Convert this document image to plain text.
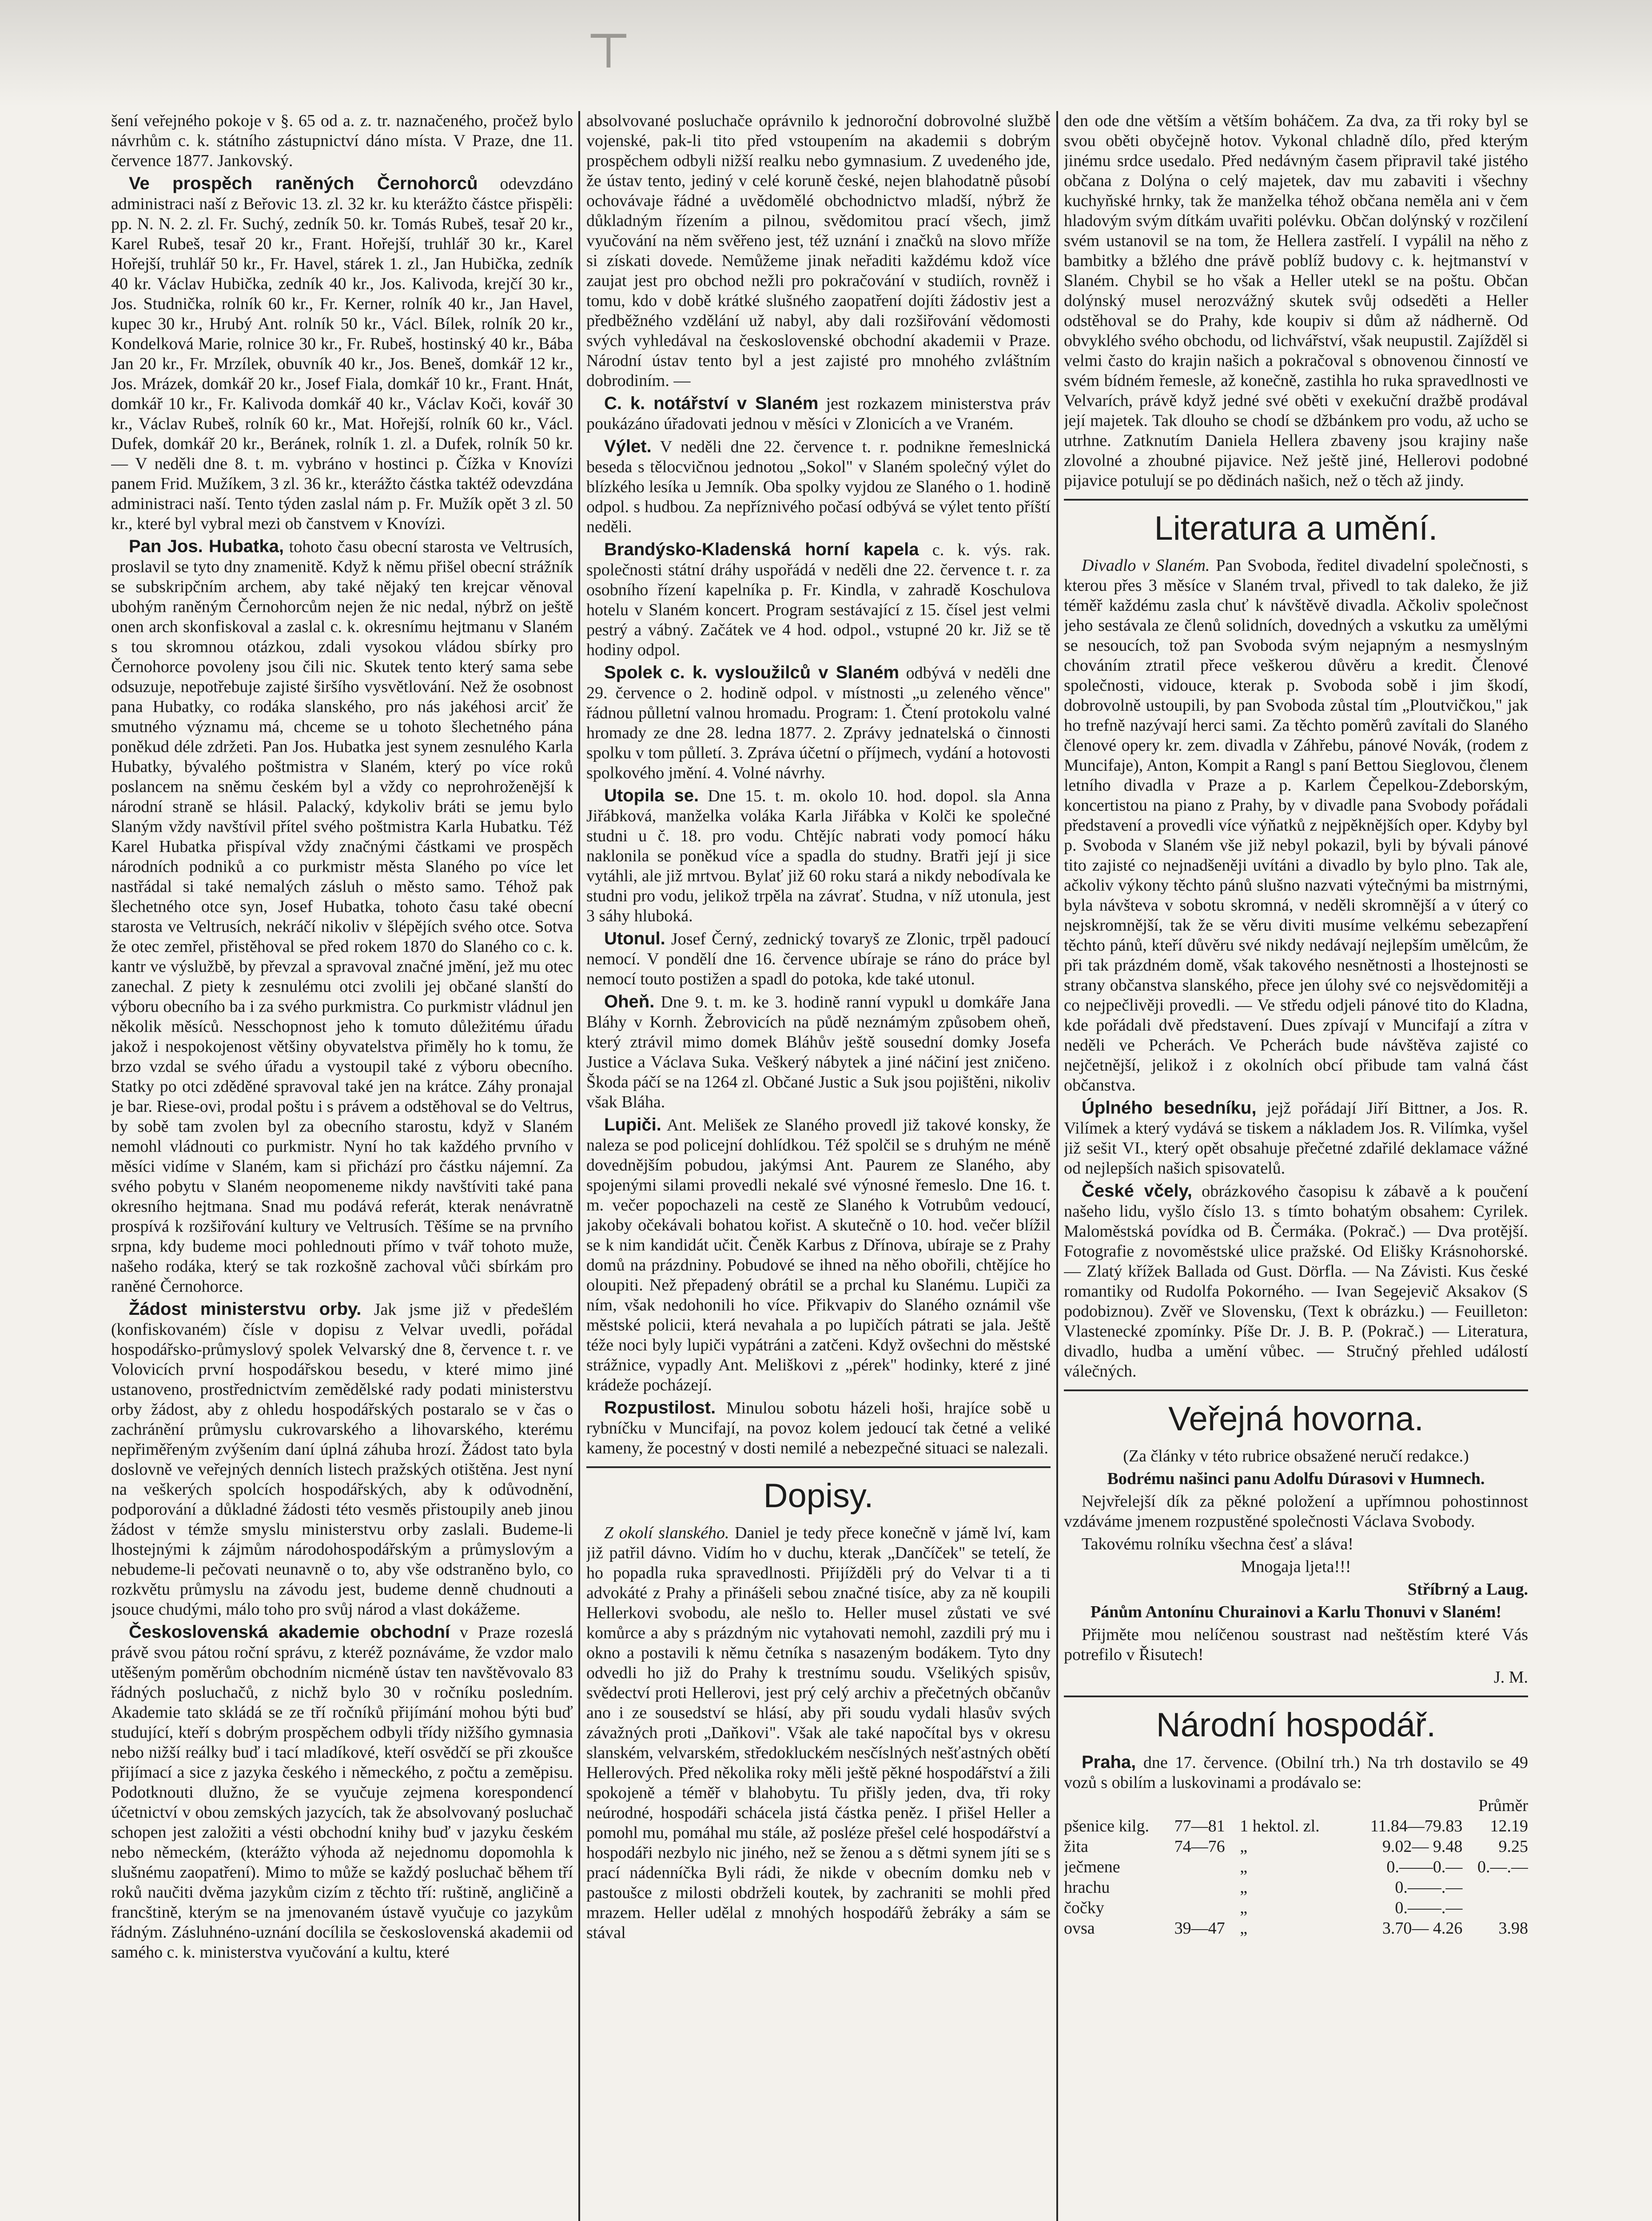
⊤

šení veřejného pokoje v §. 65 od a. z. tr. naznačeného, pročež bylo návrhům c. k. státního zástupnictví dáno místa. V Praze, dne 11. července 1877. Jankovský.

Ve prospěch raněných Černohorců odevzdáno administraci naší z Beřovic 13. zl. 32 kr. ku kterážto částce přispěli: pp. N. N. 2. zl. Fr. Suchý, zedník 50. kr. Tomás Rubeš, tesař 20 kr., Karel Rubeš, tesař 20 kr., Frant. Hořejší, truhlář 30 kr., Karel Hořejší, truhlář 50 kr., Fr. Havel, stárek 1. zl., Jan Hubička, zedník 40 kr. Václav Hubička, zedník 40 kr., Jos. Kalivoda, krejčí 30 kr., Jos. Studnička, rolník 60 kr., Fr. Kerner, rolník 40 kr., Jan Havel, kupec 30 kr., Hrubý Ant. rolník 50 kr., Václ. Bílek, rolník 20 kr., Kondelková Marie, rolnice 30 kr., Fr. Rubeš, hostinský 40 kr., Bába Jan 20 kr., Fr. Mrzílek, obuvník 40 kr., Jos. Beneš, domkář 12 kr., Jos. Mrázek, domkář 20 kr., Josef Fiala, domkář 10 kr., Frant. Hnát, domkář 10 kr., Fr. Kalivoda domkář 40 kr., Václav Koči, kovář 30 kr., Václav Rubeš, rolník 60 kr., Mat. Hořejší, rolník 60 kr., Václ. Dufek, domkář 20 kr., Beránek, rolník 1. zl. a Dufek, rolník 50 kr. — V neděli dne 8. t. m. vybráno v hostinci p. Čížka v Knovízi panem Frid. Mužíkem, 3 zl. 36 kr., kterážto částka taktéž odevzdána administraci naší. Tento týden zaslal nám p. Fr. Mužík opět 3 zl. 50 kr., které byl vybral mezi ob čanstvem v Knovízi.

Pan Jos. Hubatka, tohoto času obecní starosta ve Veltrusích, proslavil se tyto dny znamenitě. Když k němu přišel obecní strážník se subskripčním archem, aby také nějaký ten krejcar věnoval ubohým raněným Černohorcům nejen že nic nedal, nýbrž on ještě onen arch skonfiskoval a zaslal c. k. okresnímu hejtmanu v Slaném s tou skromnou otázkou, zdali vysokou vládou sbírky pro Černohorce povoleny jsou čili nic. Skutek tento který sama sebe odsuzuje, nepotřebuje zajisté širšího vysvětlování. Než že osobnost pana Hubatky, co rodáka slanského, pro nás jakéhosi arciť že smutného významu má, chceme se u tohoto šlechetného pána poněkud déle zdržeti. Pan Jos. Hubatka jest synem zesnulého Karla Hubatky, bývalého poštmistra v Slaném, který po více roků poslancem na sněmu českém byl a vždy co neprohroženější k národní straně se hlásil. Palacký, kdykoliv bráti se jemu bylo Slaným vždy navštívil přítel svého poštmistra Karla Hubatku. Též Karel Hubatka přispíval vždy značnými částkami ve prospěch národních podniků a co purkmistr města Slaného po více let nastřádal si také nemalých zásluh o město samo. Téhož pak šlechetného otce syn, Josef Hubatka, tohoto času také obecní starosta ve Veltrusích, nekráčí nikoliv v šlépějích svého otce. Sotva že otec zemřel, přistěhoval se před rokem 1870 do Slaného co c. k. kantr ve výslužbě, by převzal a spravoval značné jmění, jež mu otec zanechal. Z piety k zesnulému otci zvolili jej občané slanští do výboru obecního ba i za svého purkmistra. Co purkmistr vládnul jen několik měsíců. Nesschopnost jeho k tomuto důležitému úřadu jakož i nespokojenost většiny obyvatelstva přiměly ho k tomu, že brzo vzdal se svého úřadu a vystoupil také z výboru obecního. Statky po otci zděděné spravoval také jen na krátce. Záhy pronajal je bar. Riese-ovi, prodal poštu i s právem a odstěhoval se do Veltrus, by sobě tam zvolen byl za obecního starostu, když v Slaném nemohl vládnouti co purkmistr. Nyní ho tak každého prvního v měsíci vidíme v Slaném, kam si přichází pro částku nájemní. Za svého pobytu v Slaném neopomeneme nikdy navštíviti také pana okresního hejtmana. Snad mu podává referát, kterak nenávratně prospívá k rozšiřování kultury ve Veltrusích. Těšíme se na prvního srpna, kdy budeme moci pohlednouti přímo v tvář tohoto muže, našeho rodáka, který se tak rozkošně zachoval vůči sbírkám pro raněné Černohorce.

Žádost ministerstvu orby. Jak jsme již v předešlém (konfiskovaném) čísle v dopisu z Velvar uvedli, pořádal hospodářsko-průmyslový spolek Velvarský dne 8, července t. r. ve Volovicích první hospodářskou besedu, v které mimo jiné ustanoveno, prostřednictvím zemědělské rady podati ministerstvu orby žádost, aby z ohledu hospodářských postaralo se v čas o zachránění průmyslu cukrovarského a lihovarského, kterému nepřiměřeným zvýšením daní úplná záhuba hrozí. Žádost tato byla doslovně ve veřejných denních listech pražských otištěna. Jest nyní na veškerých spolcích hospodářských, aby k odůvodnění, podporování a důkladné žádosti této vesměs přistoupily aneb jinou žádost v témže smyslu ministerstvu orby zaslali. Budeme-li lhostejnými k zájmům národohospodářským a průmyslovým a nebudeme-li pečovati neunavně o to, aby vše odstraněno bylo, co rozkvětu průmyslu na závodu jest, budeme denně chudnouti a jsouce chudými, málo toho pro svůj národ a vlast dokážeme.

Československá akademie obchodní v Praze rozeslá právě svou pátou roční správu, z kteréž poznáváme, že vzdor malo utěšeným poměrům obchodním nicméně ústav ten navštěvovalo 83 řádných posluchačů, z nichž bylo 30 v ročníku posledním. Akademie tato skládá se ze tří ročníků přijímání mohou býti buď studující, kteří s dobrým prospěchem odbyli třídy nižšího gymnasia nebo nižší reálky buď i tací mladíkové, kteří osvědčí se při zkoušce přijímací a sice z jazyka českého i německého, z počtu a zeměpisu. Podotknouti dlužno, že se vyučuje zejmena korespondencí účetnictví v obou zemských jazycích, tak že absolvovaný posluchač schopen jest založiti a vésti obchodní knihy buď v jazyku českém nebo německém, (kterážto výhoda až nejednomu dopomohla k slušnému zaopatření). Mimo to může se každý posluchač během tří roků naučiti dvěma jazykům cizím z těchto tří: ruštině, angličině a francštině, kterým se na jmenovaném ústavě vyučuje co jazykům řádným. Zásluhnéno-uznání docílila se československá akademii od samého c. k. ministerstva vyučování a kultu, které

absolvované posluchače oprávnilo k jednoroční dobrovolné službě vojenské, pak-li tito před vstoupením na akademii s dobrým prospěchem odbyli nižší realku nebo gymnasium. Z uvedeného jde, že ústav tento, jediný v celé koruně české, nejen blahodatně působí ochovávaje řádné a uvědomělé obchodnictvo mladší, nýbrž že důkladným řízením a pilnou, svědomitou prací všech, jimž vyučování na něm svěřeno jest, též uznání i značků na slovo mříže si získati dovede. Nemůžeme jinak neřaditi každému kdož více zaujat jest pro obchod nežli pro pokračování v studiích, rovněž i tomu, kdo v době krátké slušného zaopatření dojíti žádostiv jest a předběžného vzdělání už nabyl, aby dali rozšiřování vědomosti svých vyhledával na československé obchodní akademii v Praze. Národní ústav tento byl a jest zajisté pro mnohého zvláštním dobrodiním. —

C. k. notářství v Slaném jest rozkazem ministerstva práv poukázáno úřadovati jednou v měsíci v Zlonicích a ve Vraném.

Výlet. V neděli dne 22. července t. r. podnikne řemeslnická beseda s tělocvičnou jednotou „Sokol" v Slaném společný výlet do blízkého lesíka u Jemník. Oba spolky vyjdou ze Slaného o 1. hodině odpol. s hudbou. Za nepříznivého počasí odbývá se výlet tento příští neděli.

Brandýsko-Kladenská horní kapela c. k. výs. rak. společnosti státní dráhy uspořádá v neděli dne 22. července t. r. za osobního řízení kapelníka p. Fr. Kindla, v zahradě Koschulova hotelu v Slaném koncert. Program sestávající z 15. čísel jest velmi pestrý a vábný. Začátek ve 4 hod. odpol., vstupné 20 kr. Již se tě hodiny odpol.

Spolek c. k. vysloužilců v Slaném odbývá v neděli dne 29. července o 2. hodině odpol. v místnosti „u zeleného věnce" řádnou půlletní valnou hromadu. Program: 1. Čtení protokolu valné hromady ze dne 28. ledna 1877. 2. Zprávy jednatelská o činnosti spolku v tom půlletí. 3. Zpráva účetní o příjmech, vydání a hotovosti spolkového jmění. 4. Volné návrhy.

Utopila se. Dne 15. t. m. okolo 10. hod. dopol. sla Anna Jiřábková, manželka voláka Karla Jiřábka v Kolči ke společné studni u č. 18. pro vodu. Chtějíc nabrati vody pomocí háku naklonila se poněkud více a spadla do studny. Bratři její ji sice vytáhli, ale již mrtvou. Bylať již 60 roku stará a nikdy nebodívala ke studni pro vodu, jelikož trpěla na závrať. Studna, v níž utonula, jest 3 sáhy hluboká.

Utonul. Josef Černý, zednický tovaryš ze Zlonic, trpěl padoucí nemocí. V pondělí dne 16. července ubíraje se ráno do práce byl nemocí touto postižen a spadl do potoka, kde také utonul.

Oheň. Dne 9. t. m. ke 3. hodině ranní vypukl u domkáře Jana Bláhy v Kornh. Žebrovicích na půdě neznámým způsobem oheň, který ztrávil mimo domek Bláhův ještě sousední domky Josefa Justice a Václava Suka. Veškerý nábytek a jiné náčiní jest zničeno. Škoda páčí se na 1264 zl. Občané Justic a Suk jsou pojištěni, nikoliv však Bláha.

Lupiči. Ant. Melišek ze Slaného provedl již takové konsky, že naleza se pod policejní dohlídkou. Též spolčil se s druhým ne méně dovednějším pobudou, jakýmsi Ant. Paurem ze Slaného, aby spojenými silami provedli nekalé své výnosné řemeslo. Dne 16. t. m. večer popochazeli na cestě ze Slaného k Votrubům vedoucí, jakoby očekávali bohatou kořist. A skutečně o 10. hod. večer blížil se k nim kandidát učit. Čeněk Karbus z Dřínova, ubíraje se z Prahy domů na prázdniny. Pobudové se ihned na něho obořili, chtějíce ho oloupiti. Než přepadený obrátil se a prchal ku Slanému. Lupiči za ním, však nedohonili ho více. Přikvapiv do Slaného oznámil vše městské policii, která nevahala a po lupičích pátrati se jala. Ještě téže noci byly lupiči vypátráni a zatčeni. Když ovšechni do městské strážnice, vypadly Ant. Meliškovi z „pérek" hodinky, které z jiné krádeže pocházejí.

Rozpustilost. Minulou sobotu házeli hoši, hrajíce sobě u rybníčku v Muncifají, na povoz kolem jedoucí tak četné a veliké kameny, že pocestný v dosti nemilé a nebezpečné situaci se nalezali.

Dopisy.

Z okolí slanského. Daniel je tedy přece konečně v jámě lví, kam již patřil dávno. Vidím ho v duchu, kterak „Dančíček" se tetelí, že ho popadla ruka spravedlnosti. Přijížděli prý do Velvar ti a ti advokáté z Prahy a přinášeli sebou značné tisíce, aby za ně koupili Hellerkovi svobodu, ale nešlo to. Heller musel zůstati ve své komůrce a aby s prázdným nic vytahovati nemohl, zazdili prý mu i okno a postavili k němu četníka s nasazeným bodákem. Tyto dny odvedli ho již do Prahy k trestnímu soudu. Všelikých spisův, svědectví proti Hellerovi, jest prý celý archiv a přečetných občanův ano i ze sousedství se hlásí, aby při soudu vydali hlasův svých závažných proti „Daňkovi". Však ale také napočítal bys v okresu slanském, velvarském, středokluckém nesčíslných nešťastných obětí Hellerových. Před několika roky měli ještě pěkné hospodářství a žili spokojeně a téměř v blahobytu. Tu přišly jeden, dva, tři roky neúrodné, hospodáři schácela jistá částka peněz. I přišel Heller a pomohl mu, pomáhal mu stále, až posléze přešel celé hospodářství a hospodáři nezbylo nic jiného, než se ženou a s dětmi synem jíti se s prací nádenníčka Byli rádi, že nikde v obecním domku neb v pastoušce z milosti obdrželi koutek, by zachraniti se mohli před mrazem. Heller udělal z mnohých hospodářů žebráky a sám se stával

den ode dne větším a větším boháčem. Za dva, za tři roky byl se svou oběti obyčejně hotov. Vykonal chladně dílo, před kterým jinému srdce usedalo. Před nedávným časem připravil také jistého občana z Dolýna o celý majetek, dav mu zabaviti i všechny kuchyňské hrnky, tak že manželka téhož občana neměla ani v čem hladovým svým dítkám uvařiti polévku. Občan dolýnský v rozčilení svém ustanovil se na tom, že Hellera zastřelí. I vypálil na něho z bambitky a bžlého dne právě poblíž budovy c. k. hejtmanství v Slaném. Chybil se ho však a Heller utekl se na poštu. Občan dolýnský musel nerozvážný skutek svůj odseděti a Heller odstěhoval se do Prahy, kde koupiv si dům až nádherně. Od obvyklého svého obchodu, od lichvářství, však neupustil. Zajížděl si velmi často do krajin našich a pokračoval s obnovenou činností ve svém bídném řemesle, až konečně, zastihla ho ruka spravedlnosti ve Velvarích, právě když jedné své oběti v exekuční dražbě prodával její majetek. Tak dlouho se chodí se džbánkem pro vodu, až ucho se utrhne. Zatknutím Daniela Hellera zbaveny jsou krajiny naše zlovolné a zhoubné pijavice. Než ještě jiné, Hellerovi podobné pijavice potulují se po dědinách našich, než o těch až jindy.

Literatura a umění.

Divadlo v Slaném. Pan Svoboda, ředitel divadelní společnosti, s kterou přes 3 měsíce v Slaném trval, přivedl to tak daleko, že již téměř každému zasla chuť k návštěvě divadla. Ačkoliv společnost jeho sestávala ze členů solidních, dovedných a vskutku za umělými se nesoucích, tož pan Svoboda svým nejapným a nesmyslným chováním ztratil přece veškerou důvěru a kredit. Členové společnosti, vidouce, kterak p. Svoboda sobě i jim škodí, dobrovolně ustoupili, by pan Svoboda zůstal tím „Ploutvičkou," jak ho trefně nazývají herci sami. Za těchto poměrů zavítali do Slaného členové opery kr. zem. divadla v Záhřebu, pánové Novák, (rodem z Muncifaje), Anton, Kompit a Rangl s paní Bettou Sieglovou, členem letního divadla v Praze a p. Karlem Čepelkou-Zdeborským, koncertistou na piano z Prahy, by v divadle pana Svobody pořádali představení a provedli více výňatků z nejpěknějších oper. Kdyby byl p. Svoboda v Slaném vše již nebyl pokazil, byli by bývali pánové tito zajisté co nejnadšeněji uvítáni a divadlo by bylo plno. Tak ale, ačkoliv výkony těchto pánů slušno nazvati výtečnými ba mistrnými, byla návšteva v sobotu skromná, v neděli skromnější a v úterý co nejskromnější, tak že se věru diviti musíme velkému sebezapření těchto pánů, kteří důvěru své nikdy nedávají nejlepším umělcům, že při tak prázdném domě, však takového nesnětnosti a lhostejnosti se strany občanstva slanského, přece jen úlohy své co nejsvědomitěji a co nejpečlivěji provedli. — Ve středu odjeli pánové tito do Kladna, kde pořádali dvě představení. Dues zpívají v Muncifají a zítra v neděli ve Pcherách. Ve Pcherách bude návštěva zajisté co nejčetnější, jelikož i z okolních obcí přibude tam valná část občanstva.

Úplného besedníku, jejž pořádají Jiří Bittner, a Jos. R. Vilímek a který vydává se tiskem a nákladem Jos. R. Vilímka, vyšel již sešit VI., který opět obsahuje přečetné zdařilé deklamace vážné od nejlepších našich spisovatelů.

České včely, obrázkového časopisu k zábavě a k poučení našeho lidu, vyšlo číslo 13. s tímto bohatým obsahem: Cyrilek. Maloměstská povídka od B. Čermáka. (Pokrač.) — Dva protější. Fotografie z novoměstské ulice pražské. Od Elišky Krásnohorské. — Zlatý křížek Ballada od Gust. Dörfla. — Na Závisti. Kus české romantiky od Rudolfa Pokorného. — Ivan Segejevič Aksakov (S podobiznou). Zvěř ve Slovensku, (Text k obrázku.) — Feuilleton: Vlastenecké zpomínky. Píše Dr. J. B. P. (Pokrač.) — Literatura, divadlo, hudba a umění vůbec. — Stručný přehled událostí válečných.

Veřejná hovorna.

(Za články v této rubrice obsažené neručí redakce.)

Bodrému našinci panu Adolfu Dúrasovi v Humnech.

Nejvřelejší dík za pěkné položení a upřímnou pohostinnost vzdáváme jmenem rozpustěné společnosti Václava Svobody.

Takovému rolníku všechna česť a sláva!

Mnogaja ljeta!!!

Stříbrný a Laug.

Pánům Antonínu Churainovi a Karlu Thonuvi v Slaném!

Přijměte mou nelíčenou soustrast nad neštěstím které Vás potrefilo v Řisutech!

J. M.

Národní hospodář.

Praha, dne 17. července. (Obilní trh.) Na trh dostavilo se 49 vozů s obilím a luskovinami a prodávalo se:

				Průměr
pšenice kilg.	77—81	1 hektol. zl.	11.84—79.83	12.19
žita	74—76	„	9.02— 9.48	9.25
ječmene		„	0.——0.—	0.—.—
hrachu		„	0.——.—	
čočky		„	0.——.—	
ovsa	39—47	„	3.70— 4.26	3.98
